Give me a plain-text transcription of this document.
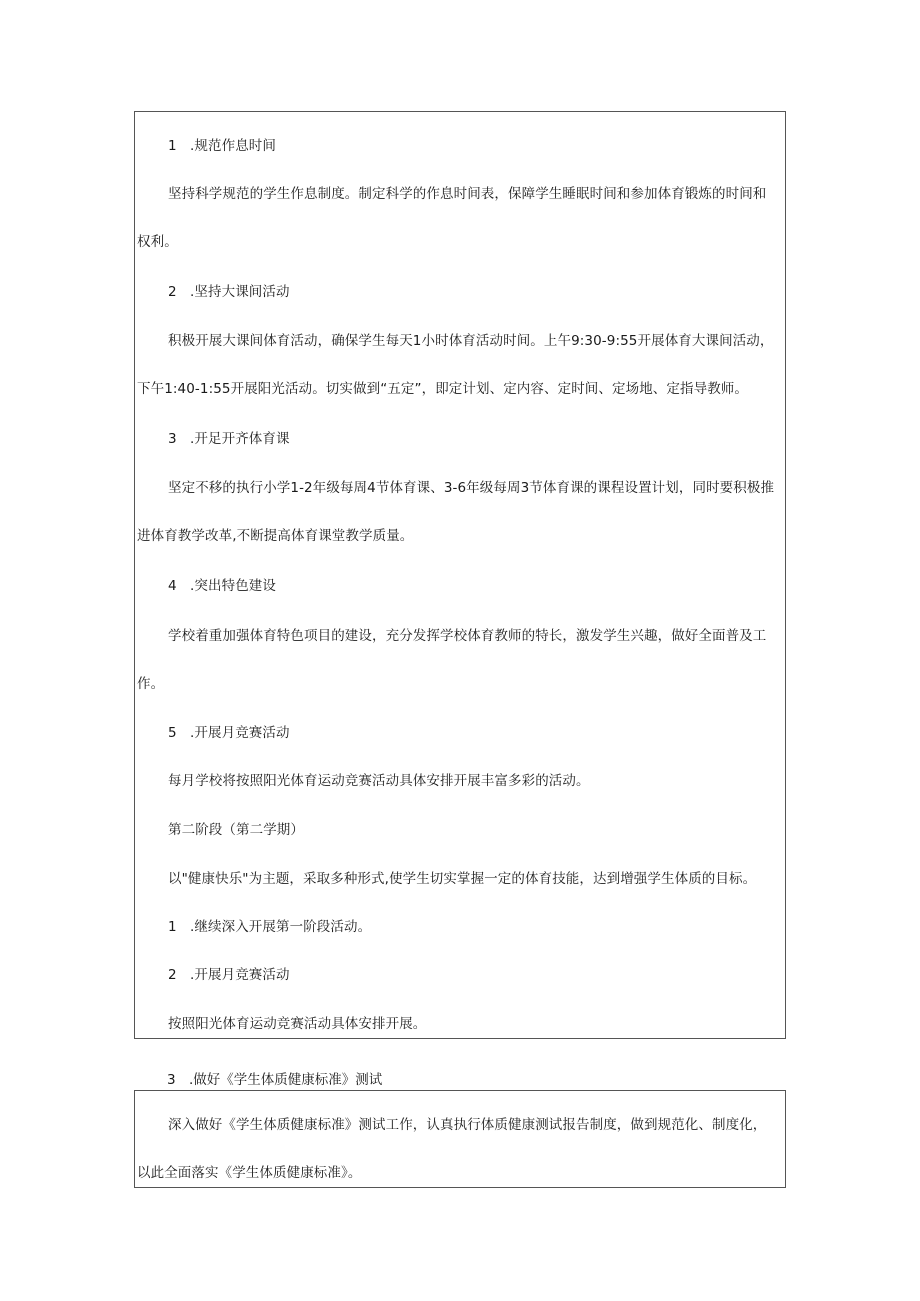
1 .规范作息时间
坚持科学规范的学生作息制度。制定科学的作息时间表，保障学生睡眠时间和参加体育锻炼的时间和
权利。
2 .坚持大课间活动
积极开展大课间体育活动，确保学生每天1小时体育活动时间。上午9:30-9:55开展体育大课间活动，
下午1:40-1:55开展阳光活动。切实做到“五定”，即定计划、定内容、定时间、定场地、定指导教师。
3 .开足开齐体育课
坚定不移的执行小学1-2年级每周4节体育课、3-6年级每周3节体育课的课程设置计划，同时要积极推
进体育教学改革,不断提高体育课堂教学质量。
4 .突出特色建设
学校着重加强体育特色项目的建设，充分发挥学校体育教师的特长，激发学生兴趣，做好全面普及工
作。
5 .开展月竞赛活动
每月学校将按照阳光体育运动竞赛活动具体安排开展丰富多彩的活动。
第二阶段（第二学期）
以"健康快乐"为主题，采取多种形式,使学生切实掌握一定的体育技能，达到增强学生体质的目标。
1 .继续深入开展第一阶段活动。
2 .开展月竞赛活动
按照阳光体育运动竞赛活动具体安排开展。
3 .做好《学生体质健康标准》测试
深入做好《学生体质健康标准》测试工作，认真执行体质健康测试报告制度，做到规范化、制度化，
以此全面落实《学生体质健康标准》。
